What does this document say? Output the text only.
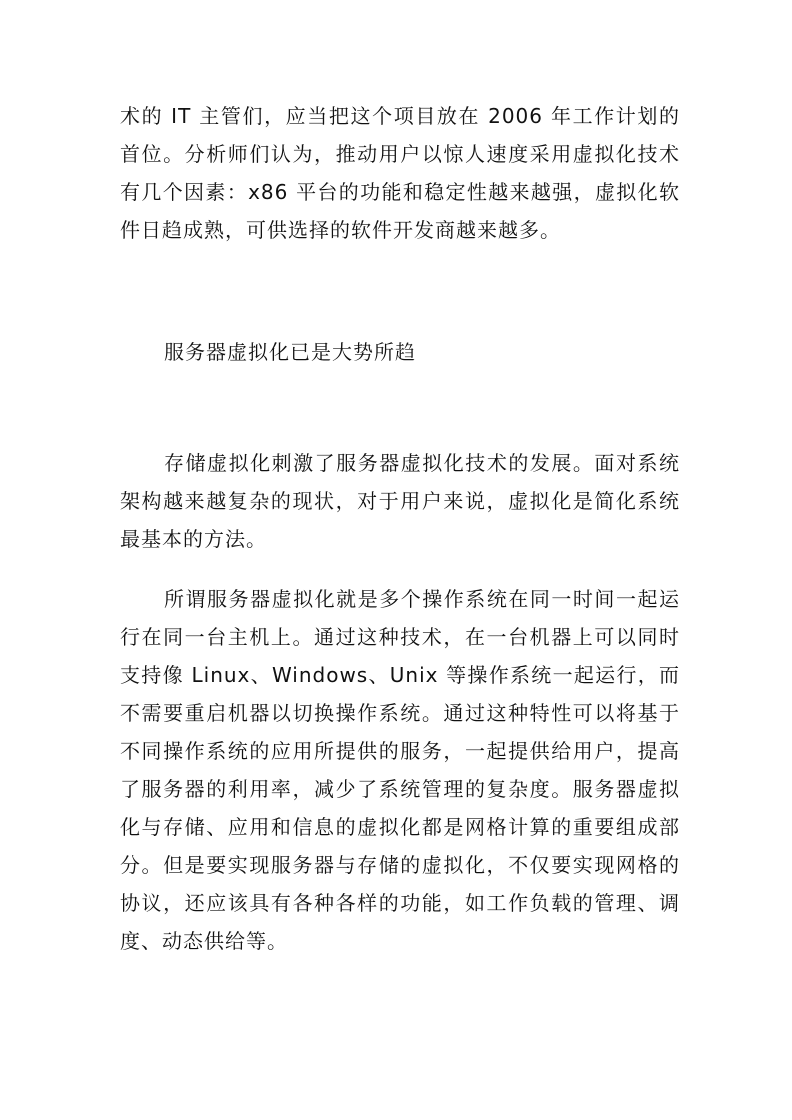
术的 IT 主管们，应当把这个项目放在 2006 年工作计划的首位。分析师们认为，推动用户以惊人速度采用虚拟化技术有几个因素：x86 平台的功能和稳定性越来越强，虚拟化软件日趋成熟，可供选择的软件开发商越来越多。

服务器虚拟化已是大势所趋

存储虚拟化刺激了服务器虚拟化技术的发展。面对系统架构越来越复杂的现状，对于用户来说，虚拟化是简化系统最基本的方法。

所谓服务器虚拟化就是多个操作系统在同一时间一起运行在同一台主机上。通过这种技术，在一台机器上可以同时支持像 Linux、Windows、Unix 等操作系统一起运行，而不需要重启机器以切换操作系统。通过这种特性可以将基于不同操作系统的应用所提供的服务，一起提供给用户，提高了服务器的利用率，减少了系统管理的复杂度。服务器虚拟化与存储、应用和信息的虚拟化都是网格计算的重要组成部分。但是要实现服务器与存储的虚拟化，不仅要实现网格的协议，还应该具有各种各样的功能，如工作负载的管理、调度、动态供给等。
